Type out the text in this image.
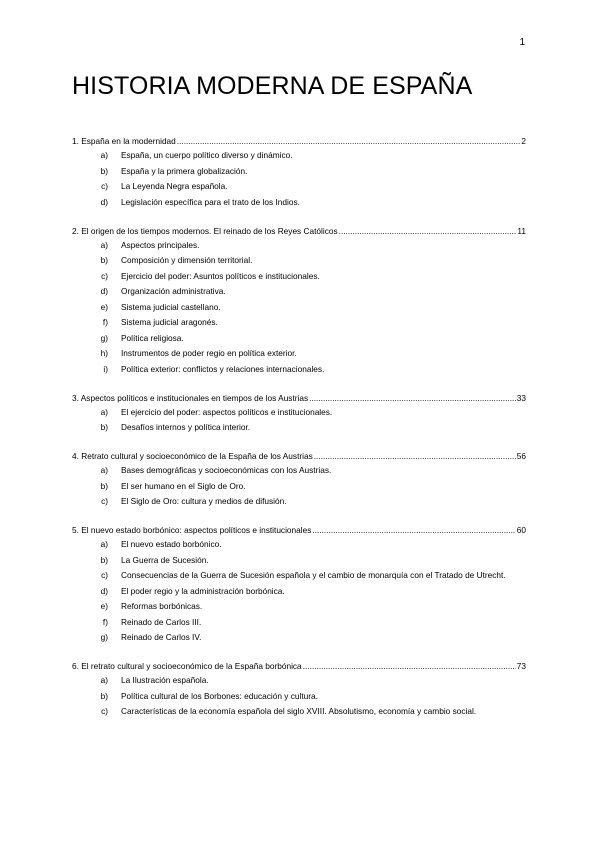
1
HISTORIA MODERNA DE ESPAÑA
1. España en la modernidad .....	2
a) España, un cuerpo político diverso y dinámico.
b) España y la primera globalización.
c) La Leyenda Negra española.
d) Legislación específica para el trato de los Indios.
2. El origen de los tiempos modernos. El reinado de los Reyes Católicos .....	11
a) Aspectos principales.
b) Composición y dimensión territorial.
c) Ejercicio del poder: Asuntos políticos e institucionales.
d) Organización administrativa.
e) Sistema judicial castellano.
f) Sistema judicial aragonés.
g) Política religiosa.
h) Instrumentos de poder regio en política exterior.
i) Política exterior: conflictos y relaciones internacionales.
3. Aspectos políticos e institucionales en tiempos de los Austrias .....	33
a) El ejercicio del poder: aspectos políticos e institucionales.
b) Desafíos internos y política interior.
4. Retrato cultural y socioeconómico de la España de los Austrias .....	56
a) Bases demográficas y socioeconómicas con los Austrias.
b) El ser humano en el Siglo de Oro.
c) El Siglo de Oro: cultura y medios de difusión.
5. El nuevo estado borbónico: aspectos políticos e institucionales .....	60
a) El nuevo estado borbónico.
b) La Guerra de Sucesión.
c) Consecuencias de la Guerra de Sucesión española y el cambio de monarquía con el Tratado de Utrecht.
d) El poder regio y la administración borbónica.
e) Reformas borbónicas.
f) Reinado de Carlos III.
g) Reinado de Carlos IV.
6. El retrato cultural y socioeconómico de la España borbónica .....	73
a) La Ilustración española.
b) Política cultural de los Borbones: educación y cultura.
c) Características de la economía española del siglo XVIII. Absolutismo, economía y cambio social.
